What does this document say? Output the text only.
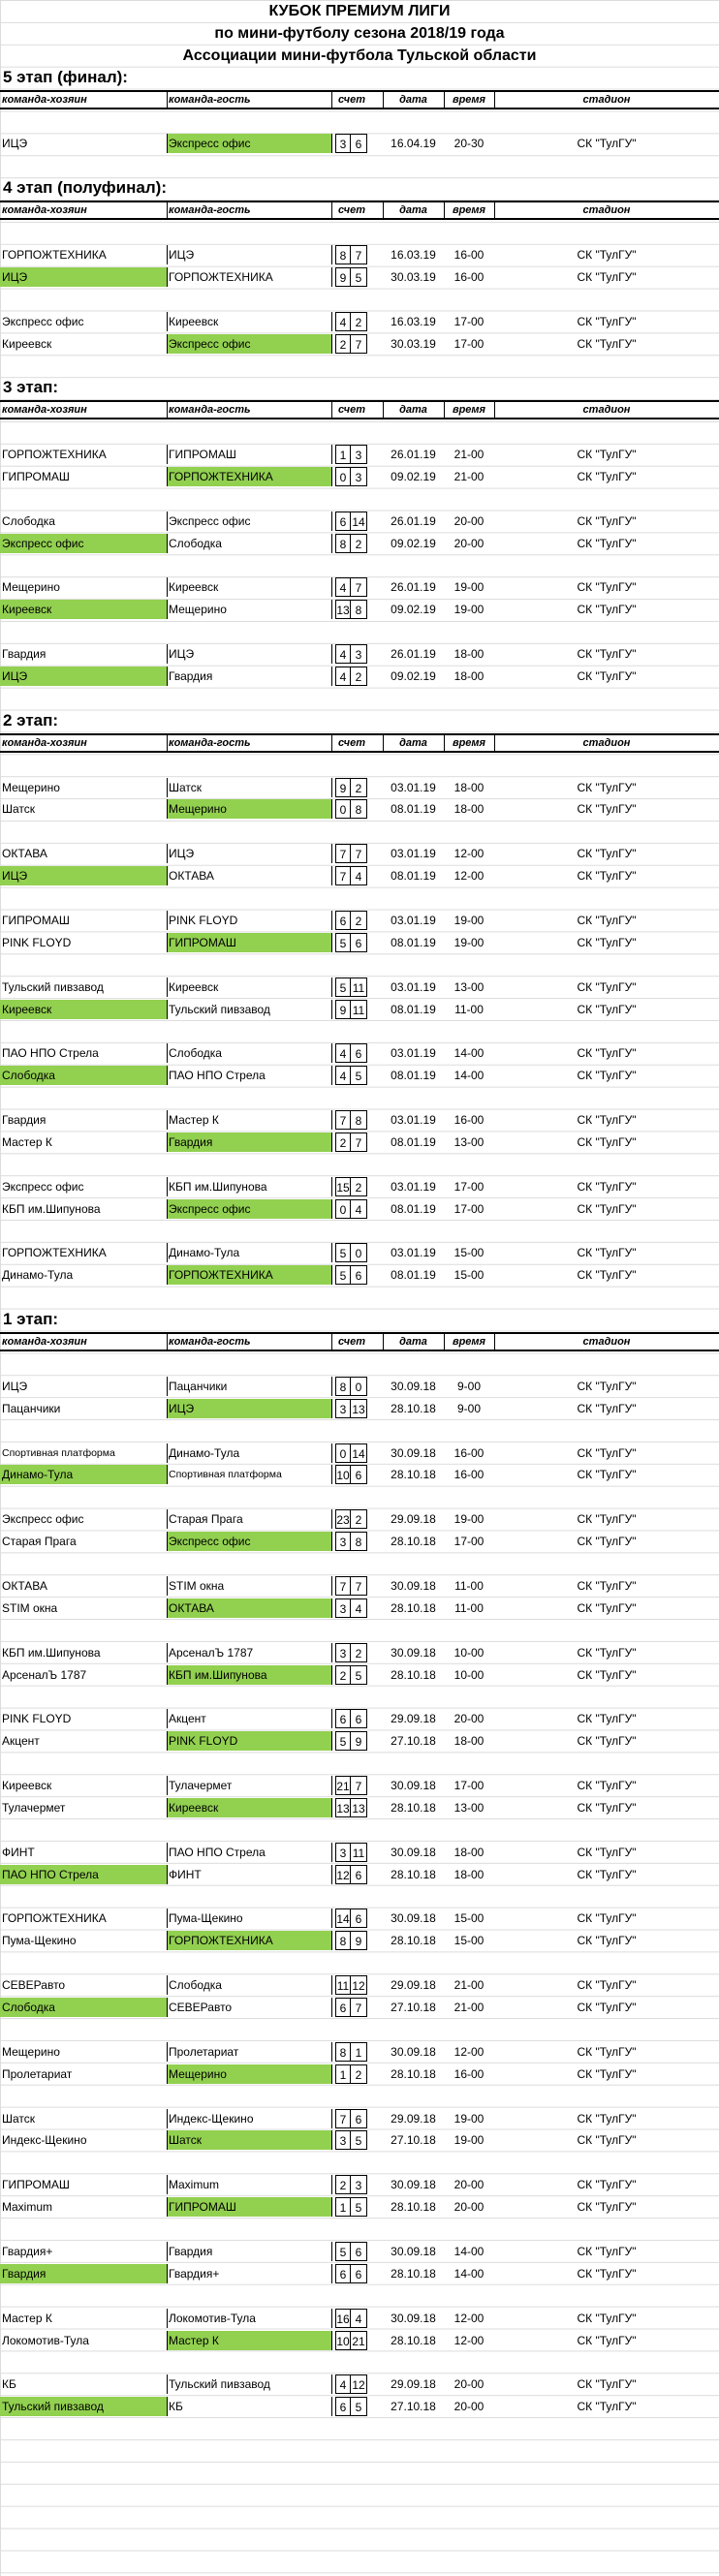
КУБОК ПРЕМИУМ ЛИГИ
по мини-футболу сезона 2018/19 года
Ассоциации мини-футбола Тульской области
5 этап (финал):
команда-хозяин	команда-гость	счет	дата	время	стадион
ИЦЭ	Экспресс офис	3 6	16.04.19	20-30	СК "ТулГУ"
4 этап (полуфинал):
команда-хозяин	команда-гость	счет	дата	время	стадион
ГОРПОЖТЕХНИКА	ИЦЭ	8 7	16.03.19	16-00	СК "ТулГУ"
ИЦЭ	ГОРПОЖТЕХНИКА	9 5	30.03.19	16-00	СК "ТулГУ"
Экспресс офис	Киреевск	4 2	16.03.19	17-00	СК "ТулГУ"
Киреевск	Экспресс офис	2 7	30.03.19	17-00	СК "ТулГУ"
3 этап:
команда-хозяин	команда-гость	счет	дата	время	стадион
ГОРПОЖТЕХНИКА	ГИПРОМАШ	1 3	26.01.19	21-00	СК "ТулГУ"
ГИПРОМАШ	ГОРПОЖТЕХНИКА	0 3	09.02.19	21-00	СК "ТулГУ"
Слободка	Экспресс офис	6 14	26.01.19	20-00	СК "ТулГУ"
Экспресс офис	Слободка	8 2	09.02.19	20-00	СК "ТулГУ"
Мещерино	Киреевск	4 7	26.01.19	19-00	СК "ТулГУ"
Киреевск	Мещерино	13 8	09.02.19	19-00	СК "ТулГУ"
Гвардия	ИЦЭ	4 3	26.01.19	18-00	СК "ТулГУ"
ИЦЭ	Гвардия	4 2	09.02.19	18-00	СК "ТулГУ"
2 этап:
команда-хозяин	команда-гость	счет	дата	время	стадион
Мещерино	Шатск	9 2	03.01.19	18-00	СК "ТулГУ"
Шатск	Мещерино	0 8	08.01.19	18-00	СК "ТулГУ"
ОКТАВА	ИЦЭ	7 7	03.01.19	12-00	СК "ТулГУ"
ИЦЭ	ОКТАВА	7 4	08.01.19	12-00	СК "ТулГУ"
ГИПРОМАШ	PINK FLOYD	6 2	03.01.19	19-00	СК "ТулГУ"
PINK FLOYD	ГИПРОМАШ	5 6	08.01.19	19-00	СК "ТулГУ"
Тульский пивзавод	Киреевск	5 11	03.01.19	13-00	СК "ТулГУ"
Киреевск	Тульский пивзавод	9 11	08.01.19	11-00	СК "ТулГУ"
ПАО НПО Стрела	Слободка	4 6	03.01.19	14-00	СК "ТулГУ"
Слободка	ПАО НПО Стрела	4 5	08.01.19	14-00	СК "ТулГУ"
Гвардия	Мастер К	7 8	03.01.19	16-00	СК "ТулГУ"
Мастер К	Гвардия	2 7	08.01.19	13-00	СК "ТулГУ"
Экспресс офис	КБП им.Шипунова	15 2	03.01.19	17-00	СК "ТулГУ"
КБП им.Шипунова	Экспресс офис	0 4	08.01.19	17-00	СК "ТулГУ"
ГОРПОЖТЕХНИКА	Динамо-Тула	5 0	03.01.19	15-00	СК "ТулГУ"
Динамо-Тула	ГОРПОЖТЕХНИКА	5 6	08.01.19	15-00	СК "ТулГУ"
1 этап:
команда-хозяин	команда-гость	счет	дата	время	стадион
ИЦЭ	Пацанчики	8 0	30.09.18	9-00	СК "ТулГУ"
Пацанчики	ИЦЭ	3 13	28.10.18	9-00	СК "ТулГУ"
Спортивная платформа	Динамо-Тула	0 14	30.09.18	16-00	СК "ТулГУ"
Динамо-Тула	Спортивная платформа	10 6	28.10.18	16-00	СК "ТулГУ"
Экспресс офис	Старая Прага	23 2	29.09.18	19-00	СК "ТулГУ"
Старая Прага	Экспресс офис	3 8	28.10.18	17-00	СК "ТулГУ"
ОКТАВА	STIM окна	7 7	30.09.18	11-00	СК "ТулГУ"
STIM окна	ОКТАВА	3 4	28.10.18	11-00	СК "ТулГУ"
КБП им.Шипунова	АрсеналЪ 1787	3 2	30.09.18	10-00	СК "ТулГУ"
АрсеналЪ 1787	КБП им.Шипунова	2 5	28.10.18	10-00	СК "ТулГУ"
PINK FLOYD	Акцент	6 6	29.09.18	20-00	СК "ТулГУ"
Акцент	PINK FLOYD	5 9	27.10.18	18-00	СК "ТулГУ"
Киреевск	Тулачермет	21 7	30.09.18	17-00	СК "ТулГУ"
Тулачермет	Киреевск	13 13	28.10.18	13-00	СК "ТулГУ"
ФИНТ	ПАО НПО Стрела	3 11	30.09.18	18-00	СК "ТулГУ"
ПАО НПО Стрела	ФИНТ	12 6	28.10.18	18-00	СК "ТулГУ"
ГОРПОЖТЕХНИКА	Пума-Щекино	14 6	30.09.18	15-00	СК "ТулГУ"
Пума-Щекино	ГОРПОЖТЕХНИКА	8 9	28.10.18	15-00	СК "ТулГУ"
СЕВЕРавто	Слободка	11 12	29.09.18	21-00	СК "ТулГУ"
Слободка	СЕВЕРавто	6 7	27.10.18	21-00	СК "ТулГУ"
Мещерино	Пролетариат	8 1	30.09.18	12-00	СК "ТулГУ"
Пролетариат	Мещерино	1 2	28.10.18	16-00	СК "ТулГУ"
Шатск	Индекс-Щекино	7 6	29.09.18	19-00	СК "ТулГУ"
Индекс-Щекино	Шатск	3 5	27.10.18	19-00	СК "ТулГУ"
ГИПРОМАШ	Maximum	2 3	30.09.18	20-00	СК "ТулГУ"
Maximum	ГИПРОМАШ	1 5	28.10.18	20-00	СК "ТулГУ"
Гвардия+	Гвардия	5 6	30.09.18	14-00	СК "ТулГУ"
Гвардия	Гвардия+	6 6	28.10.18	14-00	СК "ТулГУ"
Мастер К	Локомотив-Тула	16 4	30.09.18	12-00	СК "ТулГУ"
Локомотив-Тула	Мастер К	10 21	28.10.18	12-00	СК "ТулГУ"
КБ	Тульский пивзавод	4 12	29.09.18	20-00	СК "ТулГУ"
Тульский пивзавод	КБ	6 5	27.10.18	20-00	СК "ТулГУ"
